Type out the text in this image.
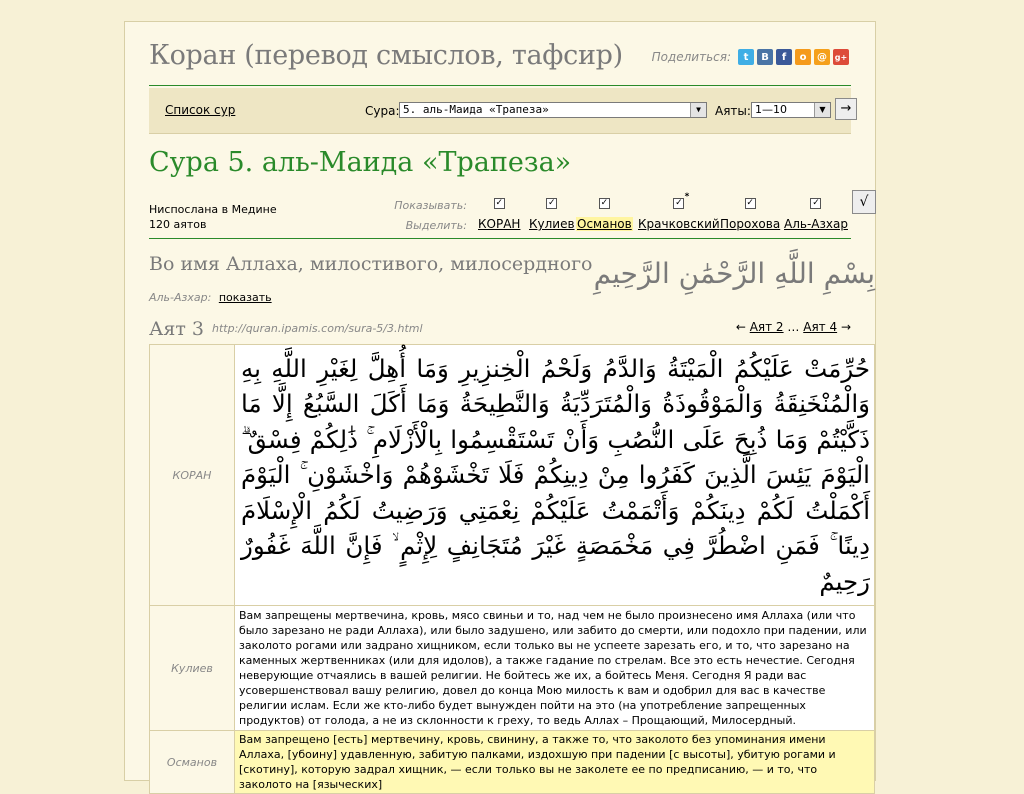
Коран (перевод смыслов, тафсир) Поделиться:	t	В	f	о	@ g+
Список сур	Сура: 5. аль-Маида «Трапеза»	▼	Аяты: 1—10	▼	→
Сура 5. аль-Маида «Трапеза»
Ниспослана в Медине
120 аятов
Показывать:
Выделить:
✓
КОРАН
✓
Кулиев
✓
Османов
✓
*
Крачковский
✓
Порохова
✓
Аль-Азхар
√
Во имя Аллаха, милостивого, милосердного بِسْمِ اللَّهِ الرَّحْمَٰنِ الرَّحِيمِ
Аль-Азхар: показать
Аят 3 http://quran.ipamis.com/sura-5/3.html	← Аят 2 … Аят 4 →
КОРАН	حُرِّمَتْ عَلَيْكُمُ الْمَيْتَةُ وَالدَّمُ وَلَحْمُ الْخِنزِيرِ وَمَا أُهِلَّ لِغَيْرِ اللَّهِ بِهِ وَالْمُنْخَنِقَةُ وَالْمَوْقُوذَةُ وَالْمُتَرَدِّيَةُ وَالنَّطِيحَةُ وَمَا أَكَلَ السَّبُعُ إِلَّا مَا ذَكَّيْتُمْ وَمَا ذُبِحَ عَلَى النُّصُبِ وَأَنْ تَسْتَقْسِمُوا بِالْأَزْلَامِ ۚ ذَٰلِكُمْ فِسْقٌ ۗ الْيَوْمَ يَئِسَ الَّذِينَ كَفَرُوا مِنْ دِينِكُمْ فَلَا تَخْشَوْهُمْ وَاخْشَوْنِ ۚ الْيَوْمَ أَكْمَلْتُ لَكُمْ دِينَكُمْ وَأَتْمَمْتُ عَلَيْكُمْ نِعْمَتِي وَرَضِيتُ لَكُمُ الْإِسْلَامَ دِينًا ۚ فَمَنِ اضْطُرَّ فِي مَخْمَصَةٍ غَيْرَ مُتَجَانِفٍ لِإِثْمٍ ۙ فَإِنَّ اللَّهَ غَفُورٌ رَحِيمٌ
Кулиев	Вам запрещены мертвечина, кровь, мясо свиньи и то, над чем не было произнесено имя Аллаха (или что было зарезано не ради Аллаха), или было задушено, или забито до смерти, или подохло при падении, или заколото рогами или задрано хищником, если только вы не успеете зарезать его, и то, что зарезано на каменных жертвенниках (или для идолов), а также гадание по стрелам. Все это есть нечестие. Сегодня неверующие отчаялись в вашей религии. Не бойтесь же их, а бойтесь Меня. Сегодня Я ради вас усовершенствовал вашу религию, довел до конца Мою милость к вам и одобрил для вас в качестве религии ислам. Если же кто-либо будет вынужден пойти на это (на употребление запрещенных продуктов) от голода, а не из склонности к греху, то ведь Аллах – Прощающий, Милосердный.
Османов	Вам запрещено [есть] мертвечину, кровь, свинину, а также то, что заколото без упоминания имени Аллаха, [убоину] удавленную, забитую палками, издохшую при падении [с высоты], убитую рогами и [скотину], которую задрал хищник, — если только вы не заколете ее по предписанию, — и то, что заколото на [языческих]
